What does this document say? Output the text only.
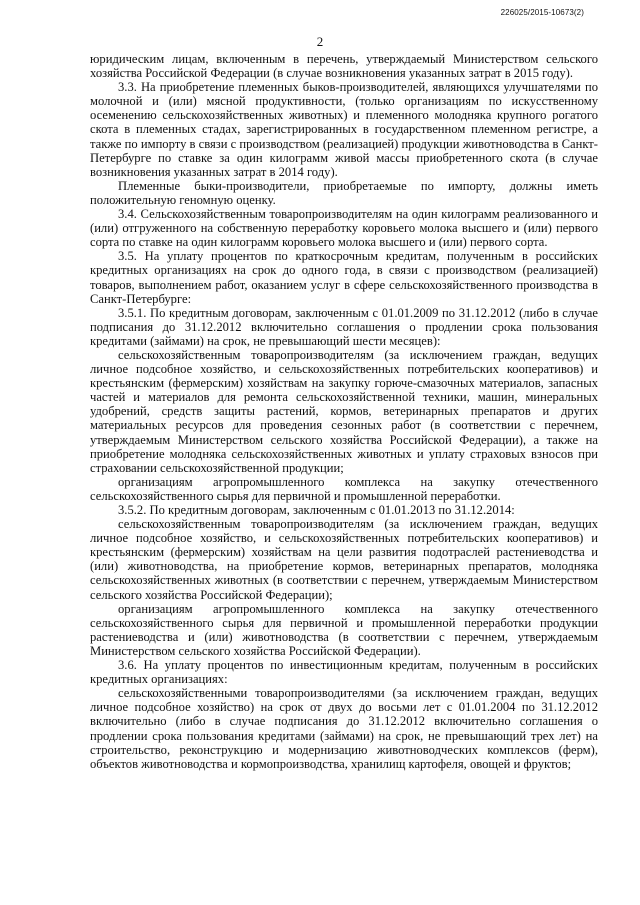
226025/2015-10673(2)
2

юридическим лицам, включенным в перечень, утверждаемый Министерством сельского хозяйства Российской Федерации (в случае возникновения указанных затрат в 2015 году).

3.3. На приобретение племенных быков-производителей, являющихся улучшателями по молочной и (или) мясной продуктивности, (только организациям по искусственному осеменению сельскохозяйственных животных) и племенного молодняка крупного рогатого скота в племенных стадах, зарегистрированных в государственном племенном регистре, а также по импорту в связи с производством (реализацией) продукции животноводства в Санкт-Петербурге по ставке за один килограмм живой массы приобретенного скота (в случае возникновения указанных затрат в 2014 году).

Племенные быки-производители, приобретаемые по импорту, должны иметь положительную геномную оценку.

3.4. Сельскохозяйственным товаропроизводителям на один килограмм реализованного и (или) отгруженного на собственную переработку коровьего молока высшего и (или) первого сорта по ставке на один килограмм коровьего молока высшего и (или) первого сорта.

3.5. На уплату процентов по краткосрочным кредитам, полученным в российских кредитных организациях на срок до одного года, в связи с производством (реализацией) товаров, выполнением работ, оказанием услуг в сфере сельскохозяйственного производства в Санкт-Петербурге:

3.5.1. По кредитным договорам, заключенным с 01.01.2009 по 31.12.2012 (либо в случае подписания до 31.12.2012 включительно соглашения о продлении срока пользования кредитами (займами) на срок, не превышающий шести месяцев):

сельскохозяйственным товаропроизводителям (за исключением граждан, ведущих личное подсобное хозяйство, и сельскохозяйственных потребительских кооперативов) и крестьянским (фермерским) хозяйствам на закупку горюче-смазочных материалов, запасных частей и материалов для ремонта сельскохозяйственной техники, машин, минеральных удобрений, средств защиты растений, кормов, ветеринарных препаратов и других материальных ресурсов для проведения сезонных работ (в соответствии с перечнем, утверждаемым Министерством сельского хозяйства Российской Федерации), а также на приобретение молодняка сельскохозяйственных животных и уплату страховых взносов при страховании сельскохозяйственной продукции;

организациям агропромышленного комплекса на закупку отечественного сельскохозяйственного сырья для первичной и промышленной переработки.

3.5.2. По кредитным договорам, заключенным с 01.01.2013 по 31.12.2014:

сельскохозяйственным товаропроизводителям (за исключением граждан, ведущих личное подсобное хозяйство, и сельскохозяйственных потребительских кооперативов) и крестьянским (фермерским) хозяйствам на цели развития подотраслей растениеводства и (или) животноводства, на приобретение кормов, ветеринарных препаратов, молодняка сельскохозяйственных животных (в соответствии с перечнем, утверждаемым Министерством сельского хозяйства Российской Федерации);

организациям агропромышленного комплекса на закупку отечественного сельскохозяйственного сырья для первичной и промышленной переработки продукции растениеводства и (или) животноводства (в соответствии с перечнем, утверждаемым Министерством сельского хозяйства Российской Федерации).

3.6. На уплату процентов по инвестиционным кредитам, полученным в российских кредитных организациях:

сельскохозяйственными товаропроизводителями (за исключением граждан, ведущих личное подсобное хозяйство) на срок от двух до восьми лет с 01.01.2004 по 31.12.2012 включительно (либо в случае подписания до 31.12.2012 включительно соглашения о продлении срока пользования кредитами (займами) на срок, не превышающий трех лет) на строительство, реконструкцию и модернизацию животноводческих комплексов (ферм), объектов животноводства и кормопроизводства, хранилищ картофеля, овощей и фруктов;
